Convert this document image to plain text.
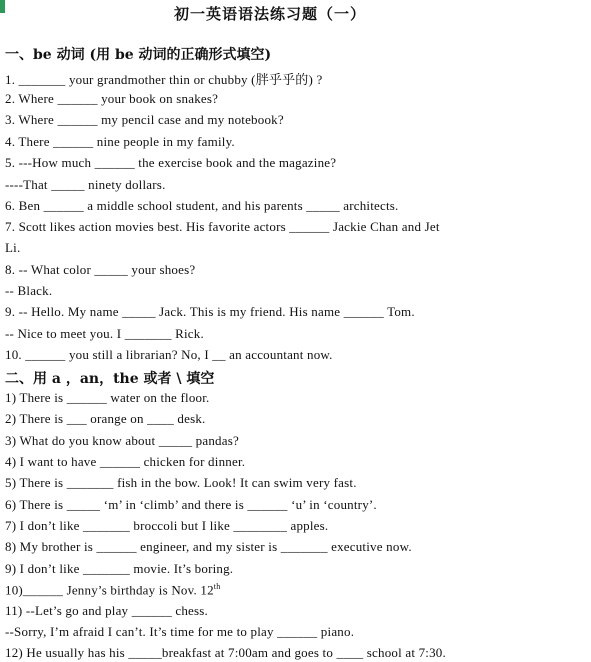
初一英语语法练习题（一）
一、be 动词 (用 be 动词的正确形式填空)
1. _______ your grandmother thin or chubby (胖乎乎的) ?
2. Where ______ your book on snakes?
3. Where ______ my pencil case and my notebook?
4. There ______ nine people in my family.
5. ---How much ______ the exercise book and the magazine?
----That _____ ninety dollars.
6. Ben ______ a middle school student, and his parents _____ architects.
7. Scott likes action movies best. His favorite actors ______ Jackie Chan and Jet
Li.
8. -- What color _____ your shoes?
-- Black.
9. -- Hello. My name _____ Jack. This is my friend. His name ______ Tom.
-- Nice to meet you. I _______ Rick.
10. ______ you still a librarian? No, I __ an accountant now.
二、用 a ，an，the 或者 \ 填空
1) There is ______ water on the floor.
2) There is ___ orange on ____ desk.
3) What do you know about _____ pandas?
4) I want to have ______ chicken for dinner.
5) There is _______ fish in the bow. Look! It can swim very fast.
6) There is _____ ‘m’ in ‘climb’ and there is ______ ‘u’ in ‘country’.
7) I don’t like _______ broccoli but I like ________ apples.
8) My brother is ______ engineer, and my sister is _______ executive now.
9) I don’t like _______ movie. It’s boring.
10)______ Jenny’s birthday is Nov. 12th
11) --Let’s go and play ______ chess.
--Sorry, I’m afraid I can’t. It’s time for me to play ______ piano.
12) He usually has his _____breakfast at 7:00am and goes to ____ school at 7:30.
